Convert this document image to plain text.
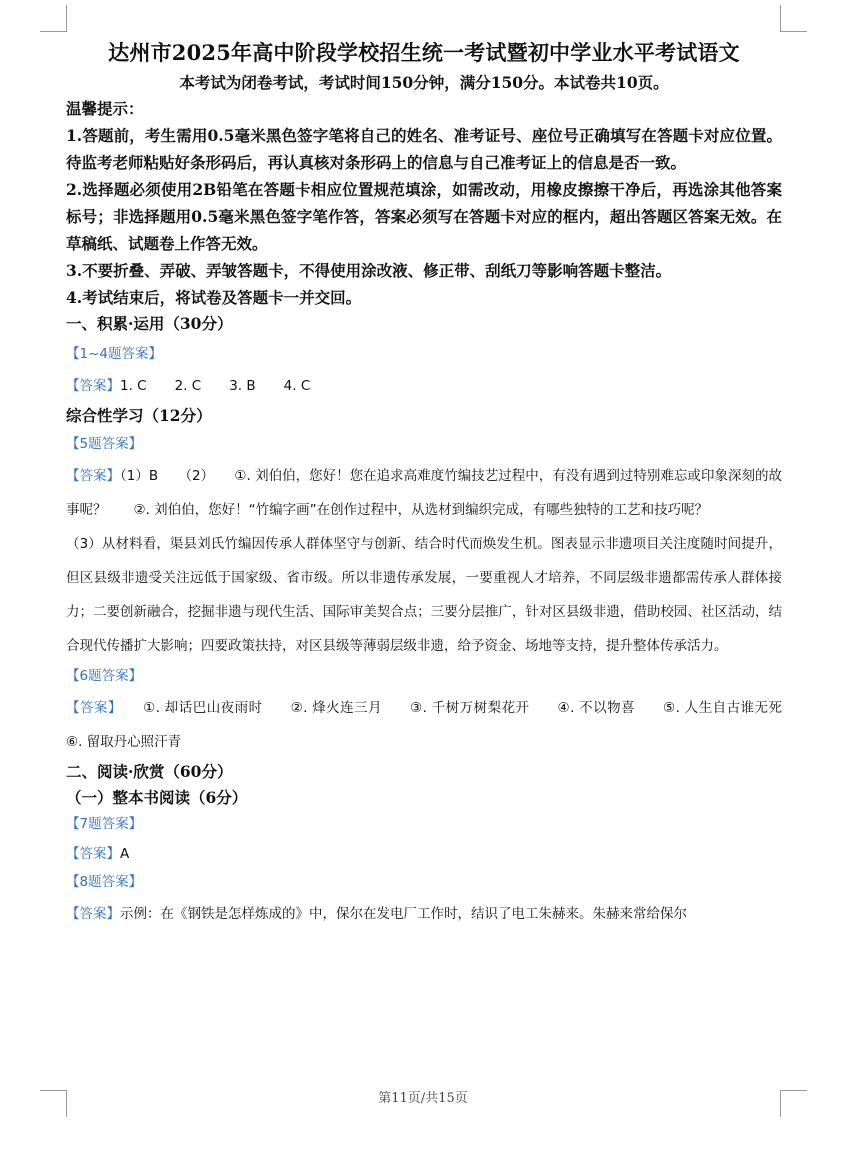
达州市2025年高中阶段学校招生统一考试暨初中学业水平考试语文

本考试为闭卷考试，考试时间150分钟，满分150分。本试卷共10页。

温馨提示：

1.答题前，考生需用0.5毫米黑色签字笔将自己的姓名、准考证号、座位号正确填写在答题卡对应位置。待监考老师粘贴好条形码后，再认真核对条形码上的信息与自己准考证上的信息是否一致。

2.选择题必须使用2B铅笔在答题卡相应位置规范填涂，如需改动，用橡皮擦擦干净后，再选涂其他答案标号；非选择题用0.5毫米黑色签字笔作答，答案必须写在答题卡对应的框内，超出答题区答案无效。在草稿纸、试题卷上作答无效。

3.不要折叠、弄破、弄皱答题卡，不得使用涂改液、修正带、刮纸刀等影响答题卡整洁。

4.考试结束后，将试卷及答题卡一并交回。

一、积累·运用（30分）

【1~4题答案】

【答案】1. C 2. C 3. B 4. C

综合性学习（12分）

【5题答案】

【答案】（1）B　　（2）　　①. 刘伯伯，您好！您在追求高难度竹编技艺过程中，有没有遇到过特别难忘或印象深刻的故事呢？　　②. 刘伯伯，您好！“竹编字画”在创作过程中，从选材到编织完成，有哪些独特的工艺和技巧呢？

（3）从材料看，渠县刘氏竹编因传承人群体坚守与创新、结合时代而焕发生机。图表显示非遗项目关注度随时间提升，但区县级非遗受关注远低于国家级、省市级。所以非遗传承发展，一要重视人才培养，不同层级非遗都需传承人群体接力；二要创新融合，挖掘非遗与现代生活、国际审美契合点；三要分层推广，针对区县级非遗，借助校园、社区活动，结合现代传播扩大影响；四要政策扶持，对区县级等薄弱层级非遗，给予资金、场地等支持，提升整体传承活力。

【6题答案】

【答案】　　①. 却话巴山夜雨时　　②. 烽火连三月　　③. 千树万树梨花开　　④. 不以物喜　　⑤. 人生自古谁无死　　⑥. 留取丹心照汗青

二、阅读·欣赏（60分）

（一）整本书阅读（6分）

【7题答案】

【答案】A

【8题答案】

【答案】示例：在《钢铁是怎样炼成的》中，保尔在发电厂工作时，结识了电工朱赫来。朱赫来常给保尔

第11页/共15页
